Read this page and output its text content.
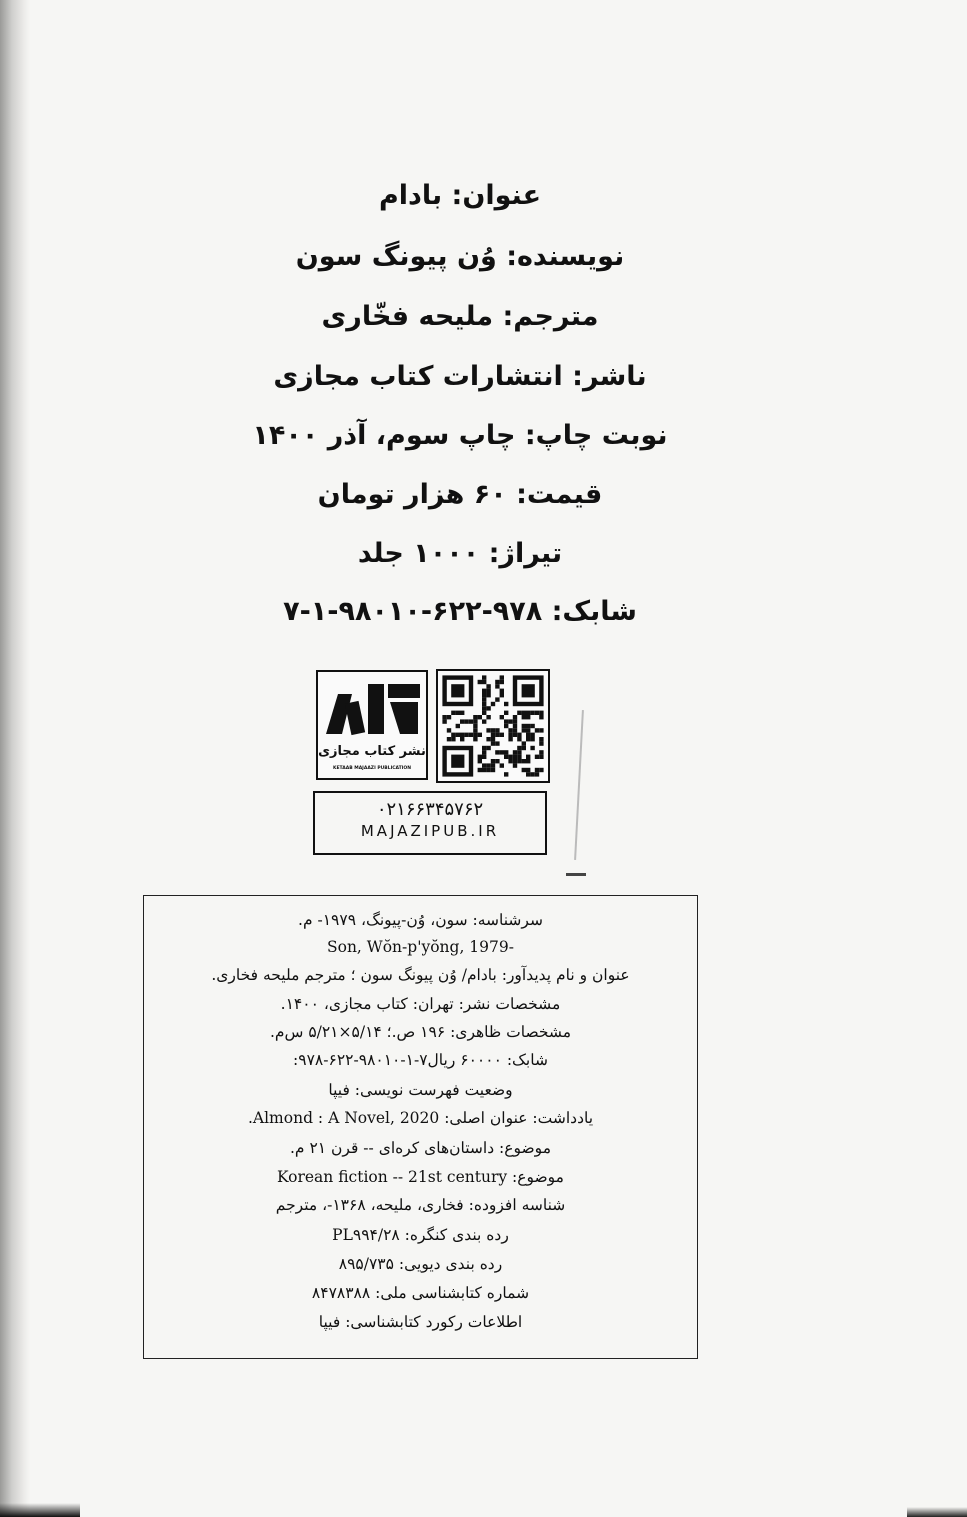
عنوان: بادام
نویسنده: وُن پیونگ سون
مترجم: ملیحه فخّاری
ناشر: انتشارات کتاب مجازی
نوبت چاپ: چاپ سوم، آذر ۱۴۰۰
قیمت: ۶۰ هزار تومان
تیراژ: ۱۰۰۰ جلد
شابک: ۹۷۸-۶۲۲-۹۸۰۱۰-۱-۷
نشر کتاب مجازی
KETAAB MAJAAZI PUBLICATION
۰۲۱۶۶۳۴۵۷۶۲
MAJAZIPUB.IR
سرشناسه: سون، وُن-پیونگ، ۱۹۷۹- م.
Son, Wŏn-p'yŏng, 1979-
عنوان و نام پدیدآور: بادام/ وُن پیونگ سون ؛ مترجم ملیحه فخاری.
مشخصات نشر: تهران: کتاب مجازی، ۱۴۰۰.
مشخصات ظاهری: ۱۹۶ ص.؛ ۵/۱۴×۵/۲۱ س‌م.
شابک: ۶۰۰۰۰ ریال۷-۱-۹۸۰۱۰-۶۲۲-۹۷۸:
وضعیت فهرست نویسی: فیپا
یادداشت: عنوان اصلی: Almond : A Novel, 2020.
موضوع: داستان‌های کره‌ای -- قرن ۲۱ م.
موضوع: Korean fiction -- 21st century
شناسه افزوده: فخاری، ملیحه، ۱۳۶۸-، مترجم
رده بندی کنگره: PL۹۹۴/۲۸
رده بندی دیویی: ۸۹۵/۷۳۵
شماره کتابشناسی ملی: ۸۴۷۸۳۸۸
اطلاعات رکورد کتابشناسی: فیپا
